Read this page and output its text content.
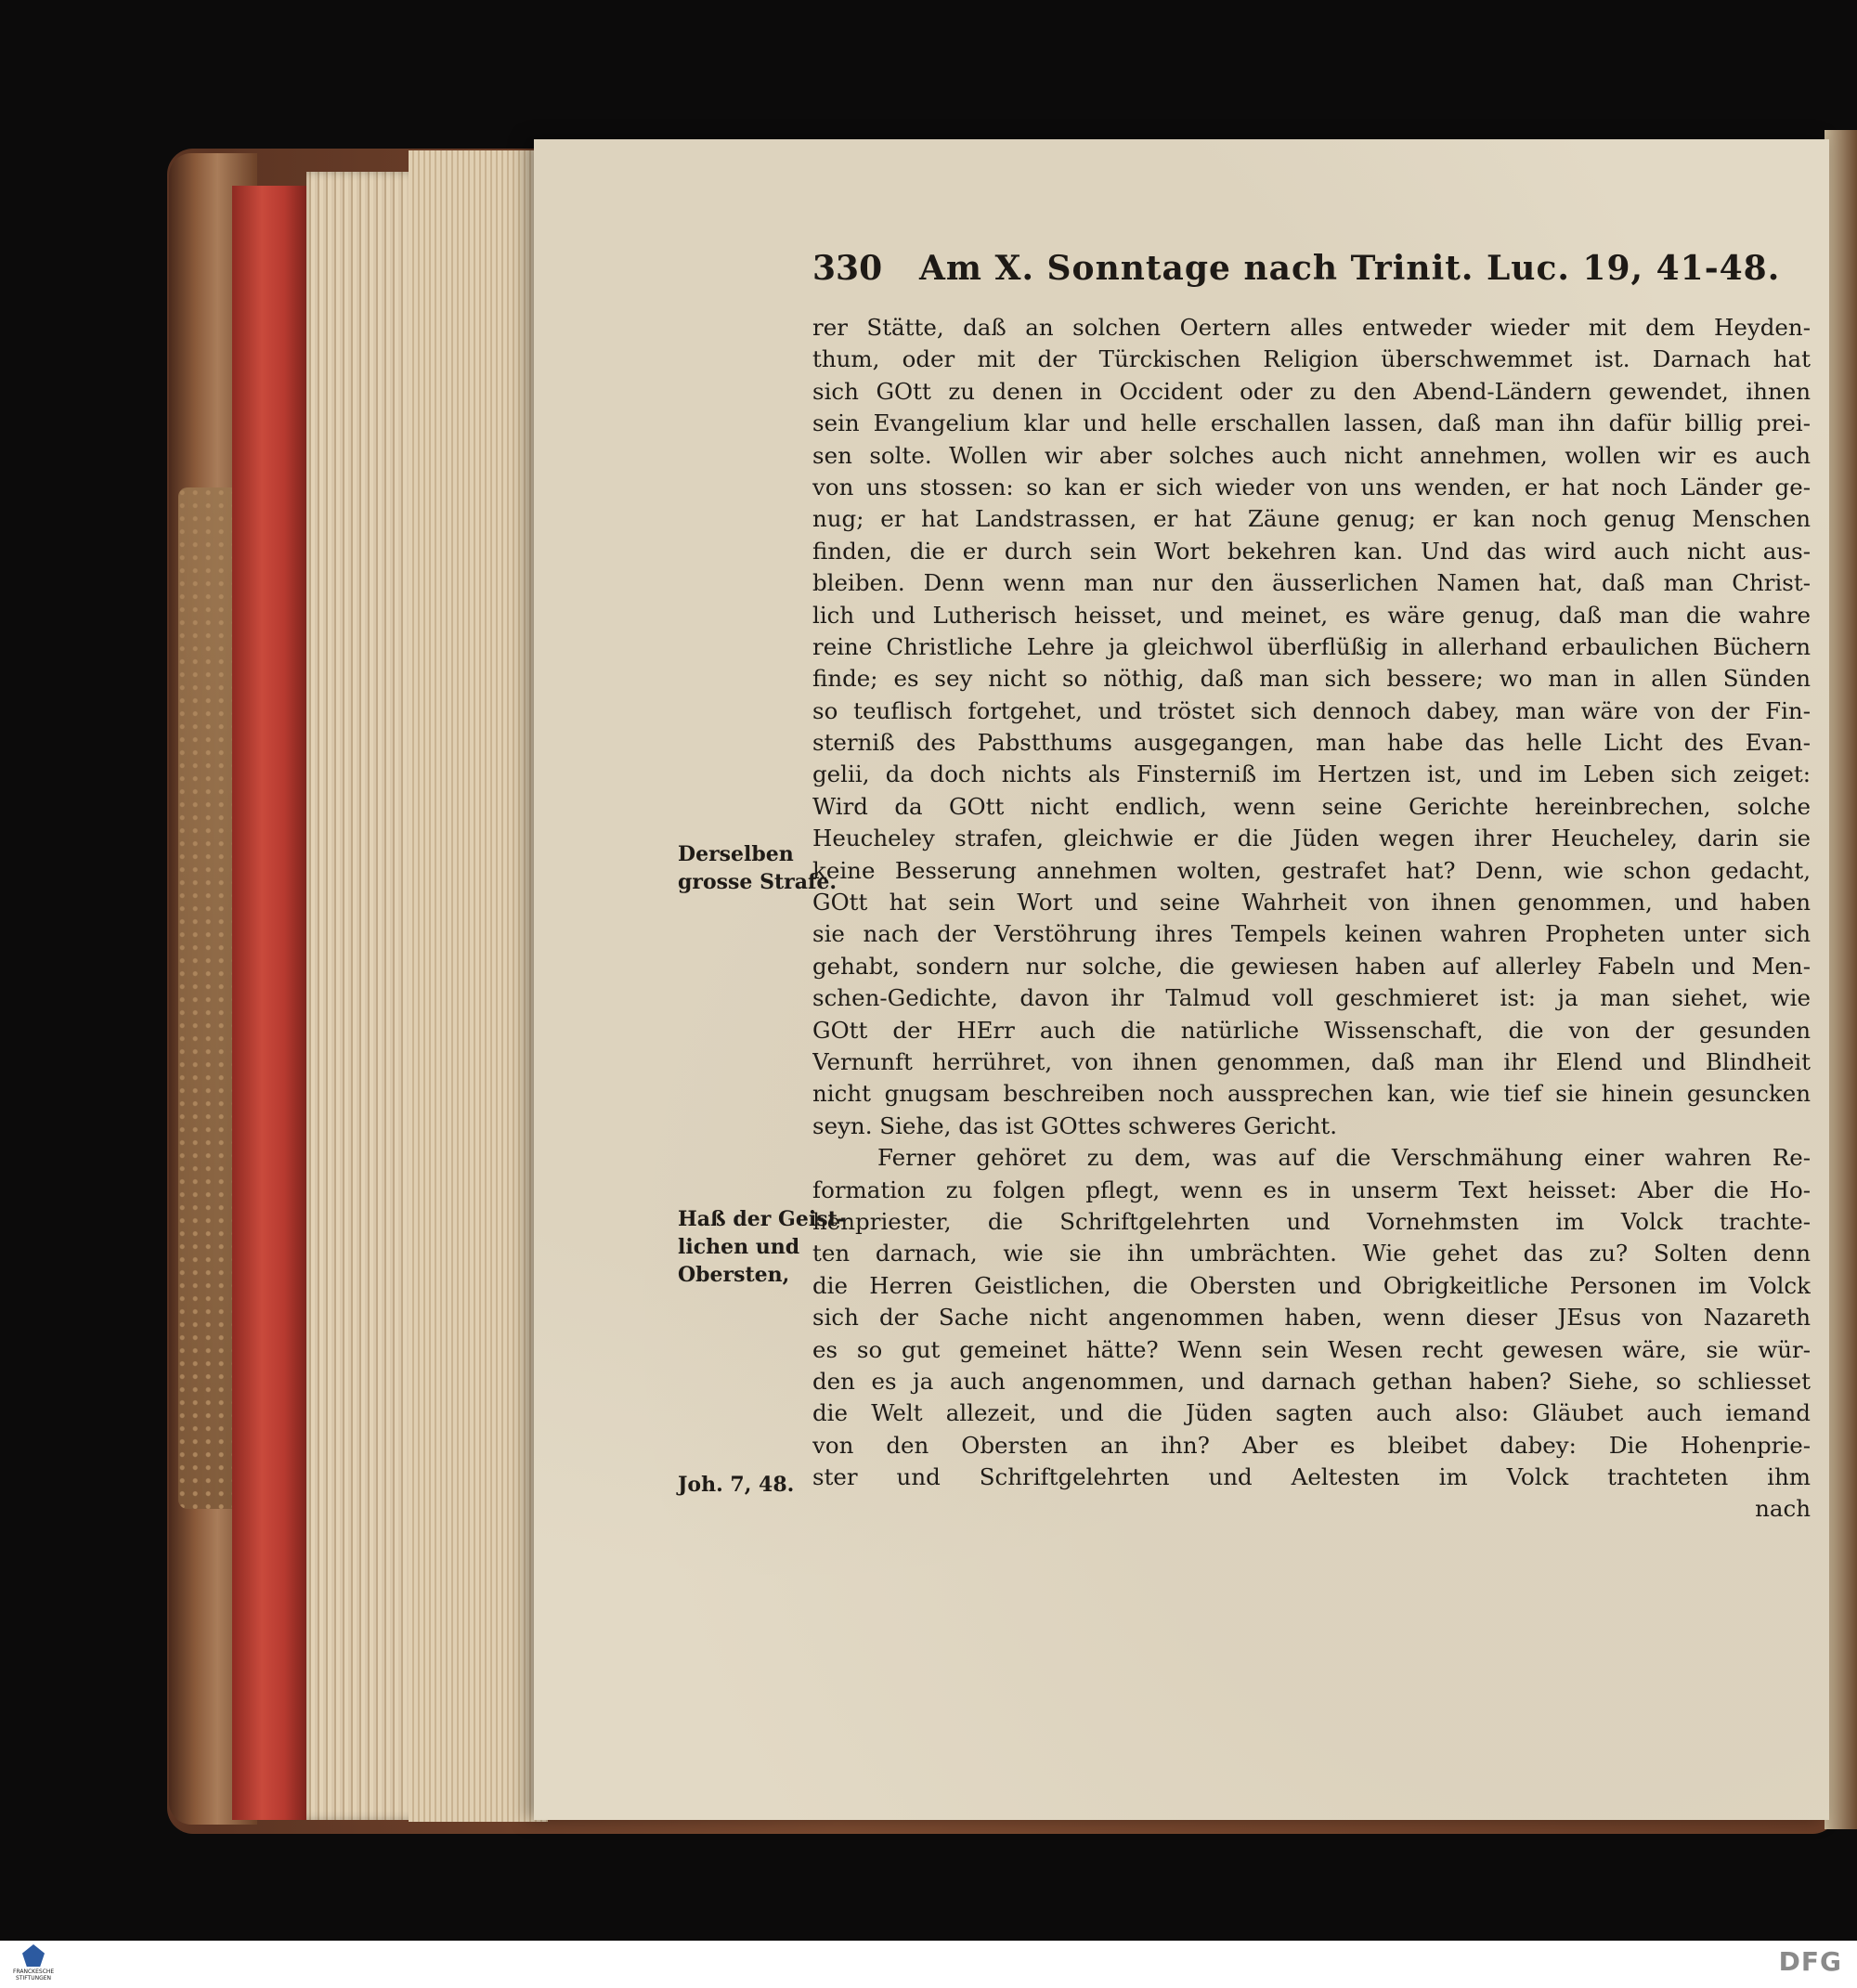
330 Am X. Sonntage nach Trinit. Luc. 19, 41-48.
Derselben
grosse Strafe.
Haß der Geist-
lichen und
Obersten,
Joh. 7, 48.
rer Stätte, daß an solchen Oertern alles entweder wieder mit dem Heyden-
thum, oder mit der Türckischen Religion überschwemmet ist. Darnach hat
sich GOtt zu denen in Occident oder zu den Abend-Ländern gewendet, ihnen
sein Evangelium klar und helle erschallen lassen, daß man ihn dafür billig prei-
sen solte. Wollen wir aber solches auch nicht annehmen, wollen wir es auch
von uns stossen: so kan er sich wieder von uns wenden, er hat noch Länder ge-
nug; er hat Landstrassen, er hat Zäune genug; er kan noch genug Menschen
finden, die er durch sein Wort bekehren kan. Und das wird auch nicht aus-
bleiben. Denn wenn man nur den äusserlichen Namen hat, daß man Christ-
lich und Lutherisch heisset, und meinet, es wäre genug, daß man die wahre
reine Christliche Lehre ja gleichwol überflüßig in allerhand erbaulichen Büchern
finde; es sey nicht so nöthig, daß man sich bessere; wo man in allen Sünden
so teuflisch fortgehet, und tröstet sich dennoch dabey, man wäre von der Fin-
sterniß des Pabstthums ausgegangen, man habe das helle Licht des Evan-
gelii, da doch nichts als Finsterniß im Hertzen ist, und im Leben sich zeiget:
Wird da GOtt nicht endlich, wenn seine Gerichte hereinbrechen, solche
Heucheley strafen, gleichwie er die Jüden wegen ihrer Heucheley, darin sie
keine Besserung annehmen wolten, gestrafet hat? Denn, wie schon gedacht,
GOtt hat sein Wort und seine Wahrheit von ihnen genommen, und haben
sie nach der Verstöhrung ihres Tempels keinen wahren Propheten unter sich
gehabt, sondern nur solche, die gewiesen haben auf allerley Fabeln und Men-
schen-Gedichte, davon ihr Talmud voll geschmieret ist: ja man siehet, wie
GOtt der HErr auch die natürliche Wissenschaft, die von der gesunden
Vernunft herrühret, von ihnen genommen, daß man ihr Elend und Blindheit
nicht gnugsam beschreiben noch aussprechen kan, wie tief sie hinein gesuncken
seyn. Siehe, das ist GOttes schweres Gericht.
Ferner gehöret zu dem, was auf die Verschmähung einer wahren Re-
formation zu folgen pflegt, wenn es in unserm Text heisset: Aber die Ho-
henpriester, die Schriftgelehrten und Vornehmsten im Volck trachte-
ten darnach, wie sie ihn umbrächten. Wie gehet das zu? Solten denn
die Herren Geistlichen, die Obersten und Obrigkeitliche Personen im Volck
sich der Sache nicht angenommen haben, wenn dieser JEsus von Nazareth
es so gut gemeinet hätte? Wenn sein Wesen recht gewesen wäre, sie wür-
den es ja auch angenommen, und darnach gethan haben? Siehe, so schliesset
die Welt allezeit, und die Jüden sagten auch also: Gläubet auch iemand
von den Obersten an ihn? Aber es bleibet dabey: Die Hohenprie-
ster und Schriftgelehrten und Aeltesten im Volck trachteten ihm
nach
FRANCKESCHE STIFTUNGEN
DFG
